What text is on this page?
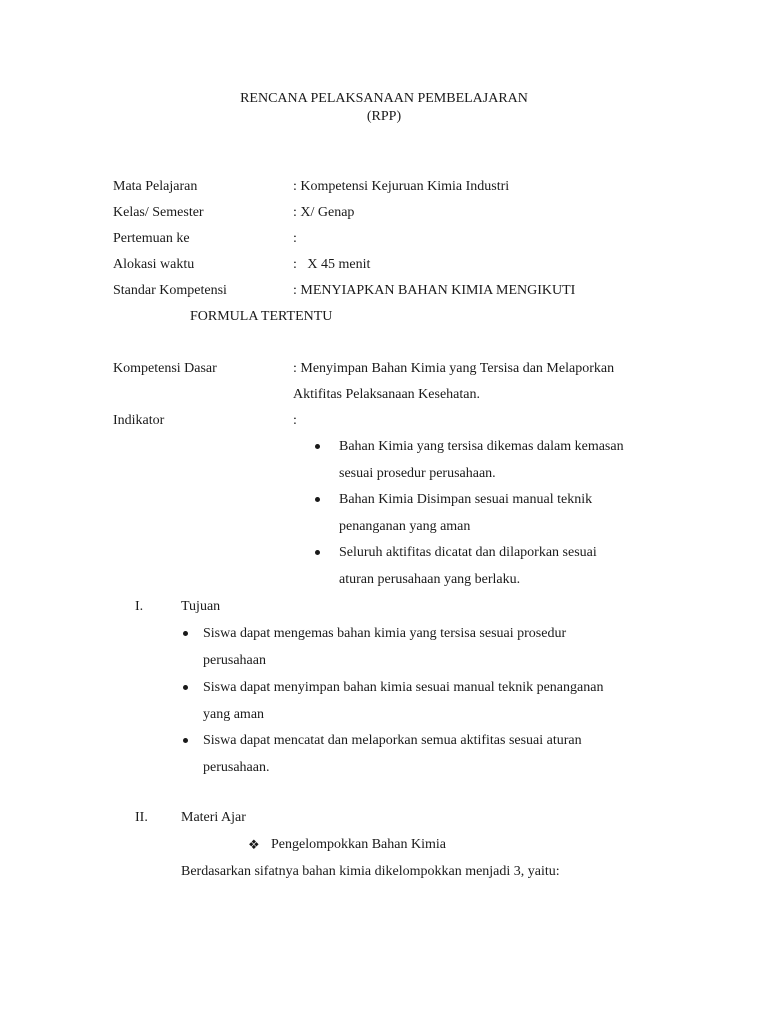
RENCANA PELAKSANAAN PEMBELAJARAN
(RPP)
Mata Pelajaran	: Kompetensi Kejuruan Kimia Industri
Kelas/ Semester	: X/ Genap
Pertemuan ke	:
Alokasi waktu	:   X 45 menit
Standar Kompetensi	: MENYIAPKAN BAHAN KIMIA MENGIKUTI
FORMULA TERTENTU
Kompetensi Dasar	: Menyimpan Bahan Kimia yang Tersisa dan Melaporkan
Aktifitas Pelaksanaan Kesehatan.
Indikator	:
Bahan Kimia yang tersisa dikemas dalam kemasan
sesuai prosedur perusahaan.
Bahan Kimia Disimpan sesuai manual teknik
penanganan yang aman
Seluruh aktifitas dicatat dan dilaporkan sesuai
aturan perusahaan yang berlaku.
I.	Tujuan
Siswa dapat mengemas bahan kimia yang tersisa sesuai prosedur
perusahaan
Siswa dapat menyimpan bahan kimia sesuai manual teknik penanganan
yang aman
Siswa dapat mencatat dan melaporkan semua aktifitas sesuai aturan
perusahaan.
II. Materi Ajar
❖ Pengelompokkan Bahan Kimia
Berdasarkan sifatnya bahan kimia dikelompokkan menjadi 3, yaitu:
